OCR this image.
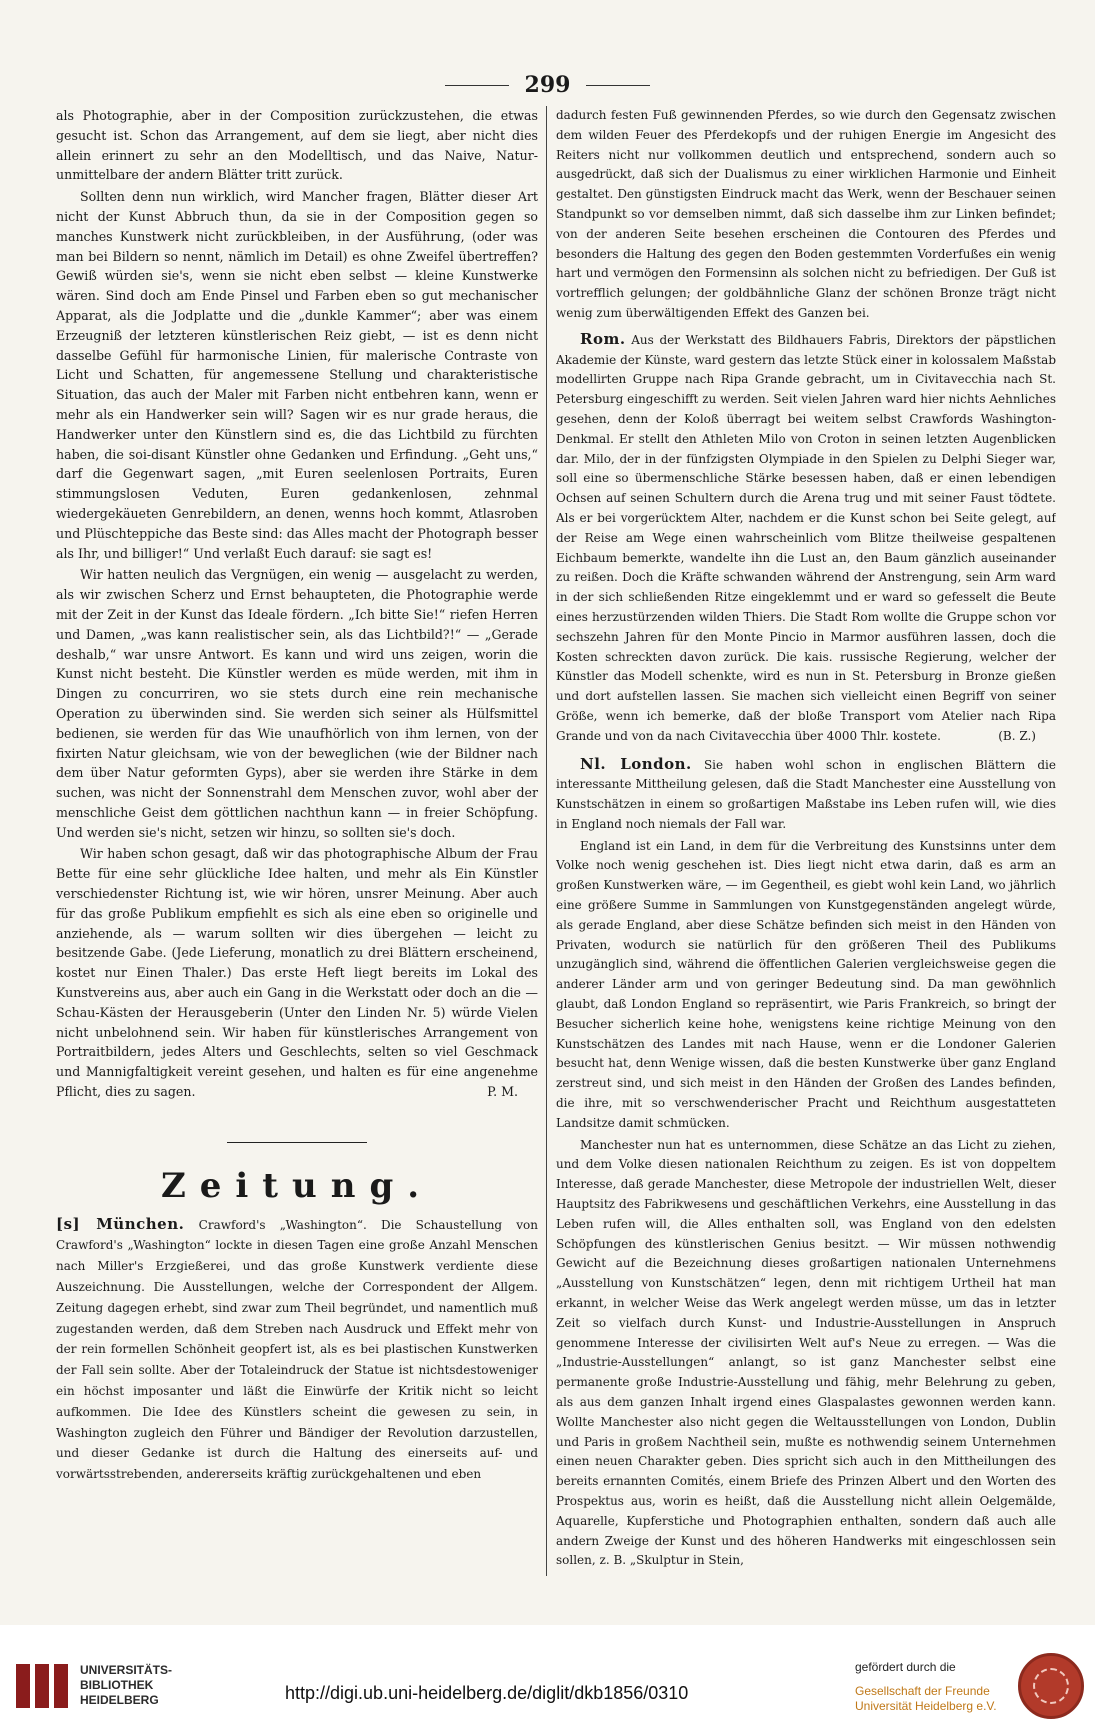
299

als Photographie, aber in der Composition zurückzustehen, die etwas gesucht ist. Schon das Arrangement, auf dem sie liegt, aber nicht dies allein erinnert zu sehr an den Modelltisch, und das Naive, Natur-unmittelbare der andern Blätter tritt zurück.

Sollten denn nun wirklich, wird Mancher fragen, Blätter dieser Art nicht der Kunst Abbruch thun, da sie in der Composition gegen so manches Kunstwerk nicht zurückbleiben, in der Ausführung, (oder was man bei Bildern so nennt, nämlich im Detail) es ohne Zweifel übertreffen? Gewiß würden sie's, wenn sie nicht eben selbst — kleine Kunstwerke wären. Sind doch am Ende Pinsel und Farben eben so gut mechanischer Apparat, als die Jodplatte und die „dunkle Kammer“; aber was einem Erzeugniß der letzteren künstlerischen Reiz giebt, — ist es denn nicht dasselbe Gefühl für harmonische Linien, für malerische Contraste von Licht und Schatten, für angemessene Stellung und charakteristische Situation, das auch der Maler mit Farben nicht entbehren kann, wenn er mehr als ein Handwerker sein will? Sagen wir es nur grade heraus, die Handwerker unter den Künstlern sind es, die das Lichtbild zu fürchten haben, die soi-disant Künstler ohne Gedanken und Erfindung. „Geht uns,“ darf die Gegenwart sagen, „mit Euren seelenlosen Portraits, Euren stimmungslosen Veduten, Euren gedankenlosen, zehnmal wiedergekäueten Genrebildern, an denen, wenns hoch kommt, Atlasroben und Plüschteppiche das Beste sind: das Alles macht der Photograph besser als Ihr, und billiger!“ Und verlaßt Euch darauf: sie sagt es!

Wir hatten neulich das Vergnügen, ein wenig — ausgelacht zu werden, als wir zwischen Scherz und Ernst behaupteten, die Photographie werde mit der Zeit in der Kunst das Ideale fördern. „Ich bitte Sie!“ riefen Herren und Damen, „was kann realistischer sein, als das Lichtbild?!“ — „Gerade deshalb,“ war unsre Antwort. Es kann und wird uns zeigen, worin die Kunst nicht besteht. Die Künstler werden es müde werden, mit ihm in Dingen zu concurriren, wo sie stets durch eine rein mechanische Operation zu überwinden sind. Sie werden sich seiner als Hülfsmittel bedienen, sie werden für das Wie unaufhörlich von ihm lernen, von der fixirten Natur gleichsam, wie von der beweglichen (wie der Bildner nach dem über Natur geformten Gyps), aber sie werden ihre Stärke in dem suchen, was nicht der Sonnenstrahl dem Menschen zuvor, wohl aber der menschliche Geist dem göttlichen nachthun kann — in freier Schöpfung. Und werden sie's nicht, setzen wir hinzu, so sollten sie's doch.

Wir haben schon gesagt, daß wir das photographische Album der Frau Bette für eine sehr glückliche Idee halten, und mehr als Ein Künstler verschiedenster Richtung ist, wie wir hören, unsrer Meinung. Aber auch für das große Publikum empfiehlt es sich als eine eben so originelle und anziehende, als — warum sollten wir dies übergehen — leicht zu besitzende Gabe. (Jede Lieferung, monatlich zu drei Blättern erscheinend, kostet nur Einen Thaler.) Das erste Heft liegt bereits im Lokal des Kunstvereins aus, aber auch ein Gang in die Werkstatt oder doch an die — Schau-Kästen der Herausgeberin (Unter den Linden Nr. 5) würde Vielen nicht unbelohnend sein. Wir haben für künstlerisches Arrangement von Portraitbildern, jedes Alters und Geschlechts, selten so viel Geschmack und Mannigfaltigkeit vereint gesehen, und halten es für eine angenehme Pflicht, dies zu sagen.	P. M.

Zeitung.

[s] München. Crawford's „Washington“. Die Schaustellung von Crawford's „Washington“ lockte in diesen Tagen eine große Anzahl Menschen nach Miller's Erzgießerei, und das große Kunstwerk verdiente diese Auszeichnung. Die Ausstellungen, welche der Correspondent der Allgem. Zeitung dagegen erhebt, sind zwar zum Theil begründet, und namentlich muß zugestanden werden, daß dem Streben nach Ausdruck und Effekt mehr von der rein formellen Schönheit geopfert ist, als es bei plastischen Kunstwerken der Fall sein sollte. Aber der Totaleindruck der Statue ist nichtsdestoweniger ein höchst imposanter und läßt die Einwürfe der Kritik nicht so leicht aufkommen. Die Idee des Künstlers scheint die gewesen zu sein, in Washington zugleich den Führer und Bändiger der Revolution darzustellen, und dieser Gedanke ist durch die Haltung des einerseits auf- und vorwärtsstrebenden, andererseits kräftig zurückgehaltenen und eben

dadurch festen Fuß gewinnenden Pferdes, so wie durch den Gegensatz zwischen dem wilden Feuer des Pferdekopfs und der ruhigen Energie im Angesicht des Reiters nicht nur vollkommen deutlich und entsprechend, sondern auch so ausgedrückt, daß sich der Dualismus zu einer wirklichen Harmonie und Einheit gestaltet. Den günstigsten Eindruck macht das Werk, wenn der Beschauer seinen Standpunkt so vor demselben nimmt, daß sich dasselbe ihm zur Linken befindet; von der anderen Seite besehen erscheinen die Contouren des Pferdes und besonders die Haltung des gegen den Boden gestemmten Vorderfußes ein wenig hart und vermögen den Formensinn als solchen nicht zu befriedigen. Der Guß ist vortrefflich gelungen; der goldbähnliche Glanz der schönen Bronze trägt nicht wenig zum überwältigenden Effekt des Ganzen bei.

Rom. Aus der Werkstatt des Bildhauers Fabris, Direktors der päpstlichen Akademie der Künste, ward gestern das letzte Stück einer in kolossalem Maßstab modellirten Gruppe nach Ripa Grande gebracht, um in Civitavecchia nach St. Petersburg eingeschifft zu werden. Seit vielen Jahren ward hier nichts Aehnliches gesehen, denn der Koloß überragt bei weitem selbst Crawfords Washington-Denkmal. Er stellt den Athleten Milo von Croton in seinen letzten Augenblicken dar. Milo, der in der fünfzigsten Olympiade in den Spielen zu Delphi Sieger war, soll eine so übermenschliche Stärke besessen haben, daß er einen lebendigen Ochsen auf seinen Schultern durch die Arena trug und mit seiner Faust tödtete. Als er bei vorgerücktem Alter, nachdem er die Kunst schon bei Seite gelegt, auf der Reise am Wege einen wahrscheinlich vom Blitze theilweise gespaltenen Eichbaum bemerkte, wandelte ihn die Lust an, den Baum gänzlich auseinander zu reißen. Doch die Kräfte schwanden während der Anstrengung, sein Arm ward in der sich schließenden Ritze eingeklemmt und er ward so gefesselt die Beute eines herzustürzenden wilden Thiers. Die Stadt Rom wollte die Gruppe schon vor sechszehn Jahren für den Monte Pincio in Marmor ausführen lassen, doch die Kosten schreckten davon zurück. Die kais. russische Regierung, welcher der Künstler das Modell schenkte, wird es nun in St. Petersburg in Bronze gießen und dort aufstellen lassen. Sie machen sich vielleicht einen Begriff von seiner Größe, wenn ich bemerke, daß der bloße Transport vom Atelier nach Ripa Grande und von da nach Civitavecchia über 4000 Thlr. kostete.	(B. Z.)

Nl. London. Sie haben wohl schon in englischen Blättern die interessante Mittheilung gelesen, daß die Stadt Manchester eine Ausstellung von Kunstschätzen in einem so großartigen Maßstabe ins Leben rufen will, wie dies in England noch niemals der Fall war.

England ist ein Land, in dem für die Verbreitung des Kunstsinns unter dem Volke noch wenig geschehen ist. Dies liegt nicht etwa darin, daß es arm an großen Kunstwerken wäre, — im Gegentheil, es giebt wohl kein Land, wo jährlich eine größere Summe in Sammlungen von Kunstgegenständen angelegt würde, als gerade England, aber diese Schätze befinden sich meist in den Händen von Privaten, wodurch sie natürlich für den größeren Theil des Publikums unzugänglich sind, während die öffentlichen Galerien vergleichsweise gegen die anderer Länder arm und von geringer Bedeutung sind. Da man gewöhnlich glaubt, daß London England so repräsentirt, wie Paris Frankreich, so bringt der Besucher sicherlich keine hohe, wenigstens keine richtige Meinung von den Kunstschätzen des Landes mit nach Hause, wenn er die Londoner Galerien besucht hat, denn Wenige wissen, daß die besten Kunstwerke über ganz England zerstreut sind, und sich meist in den Händen der Großen des Landes befinden, die ihre, mit so verschwenderischer Pracht und Reichthum ausgestatteten Landsitze damit schmücken.

Manchester nun hat es unternommen, diese Schätze an das Licht zu ziehen, und dem Volke diesen nationalen Reichthum zu zeigen. Es ist von doppeltem Interesse, daß gerade Manchester, diese Metropole der industriellen Welt, dieser Hauptsitz des Fabrikwesens und geschäftlichen Verkehrs, eine Ausstellung in das Leben rufen will, die Alles enthalten soll, was England von den edelsten Schöpfungen des künstlerischen Genius besitzt. — Wir müssen nothwendig Gewicht auf die Bezeichnung dieses großartigen nationalen Unternehmens „Ausstellung von Kunstschätzen“ legen, denn mit richtigem Urtheil hat man erkannt, in welcher Weise das Werk angelegt werden müsse, um das in letzter Zeit so vielfach durch Kunst- und Industrie-Ausstellungen in Anspruch genommene Interesse der civilisirten Welt auf's Neue zu erregen. — Was die „Industrie-Ausstellungen“ anlangt, so ist ganz Manchester selbst eine permanente große Industrie-Ausstellung und fähig, mehr Belehrung zu geben, als aus dem ganzen Inhalt irgend eines Glaspalastes gewonnen werden kann. Wollte Manchester also nicht gegen die Weltausstellungen von London, Dublin und Paris in großem Nachtheil sein, mußte es nothwendig seinem Unternehmen einen neuen Charakter geben. Dies spricht sich auch in den Mittheilungen des bereits ernannten Comités, einem Briefe des Prinzen Albert und den Worten des Prospektus aus, worin es heißt, daß die Ausstellung nicht allein Oelgemälde, Aquarelle, Kupferstiche und Photographien enthalten, sondern daß auch alle andern Zweige der Kunst und des höheren Handwerks mit eingeschlossen sein sollen, z. B. „Skulptur in Stein,

UNIVERSITÄTS-
BIBLIOTHEK
HEIDELBERG	http://digi.ub.uni-heidelberg.de/diglit/dkb1856/0310
gefördert durch die
Gesellschaft der Freunde
Universität Heidelberg e.V.
